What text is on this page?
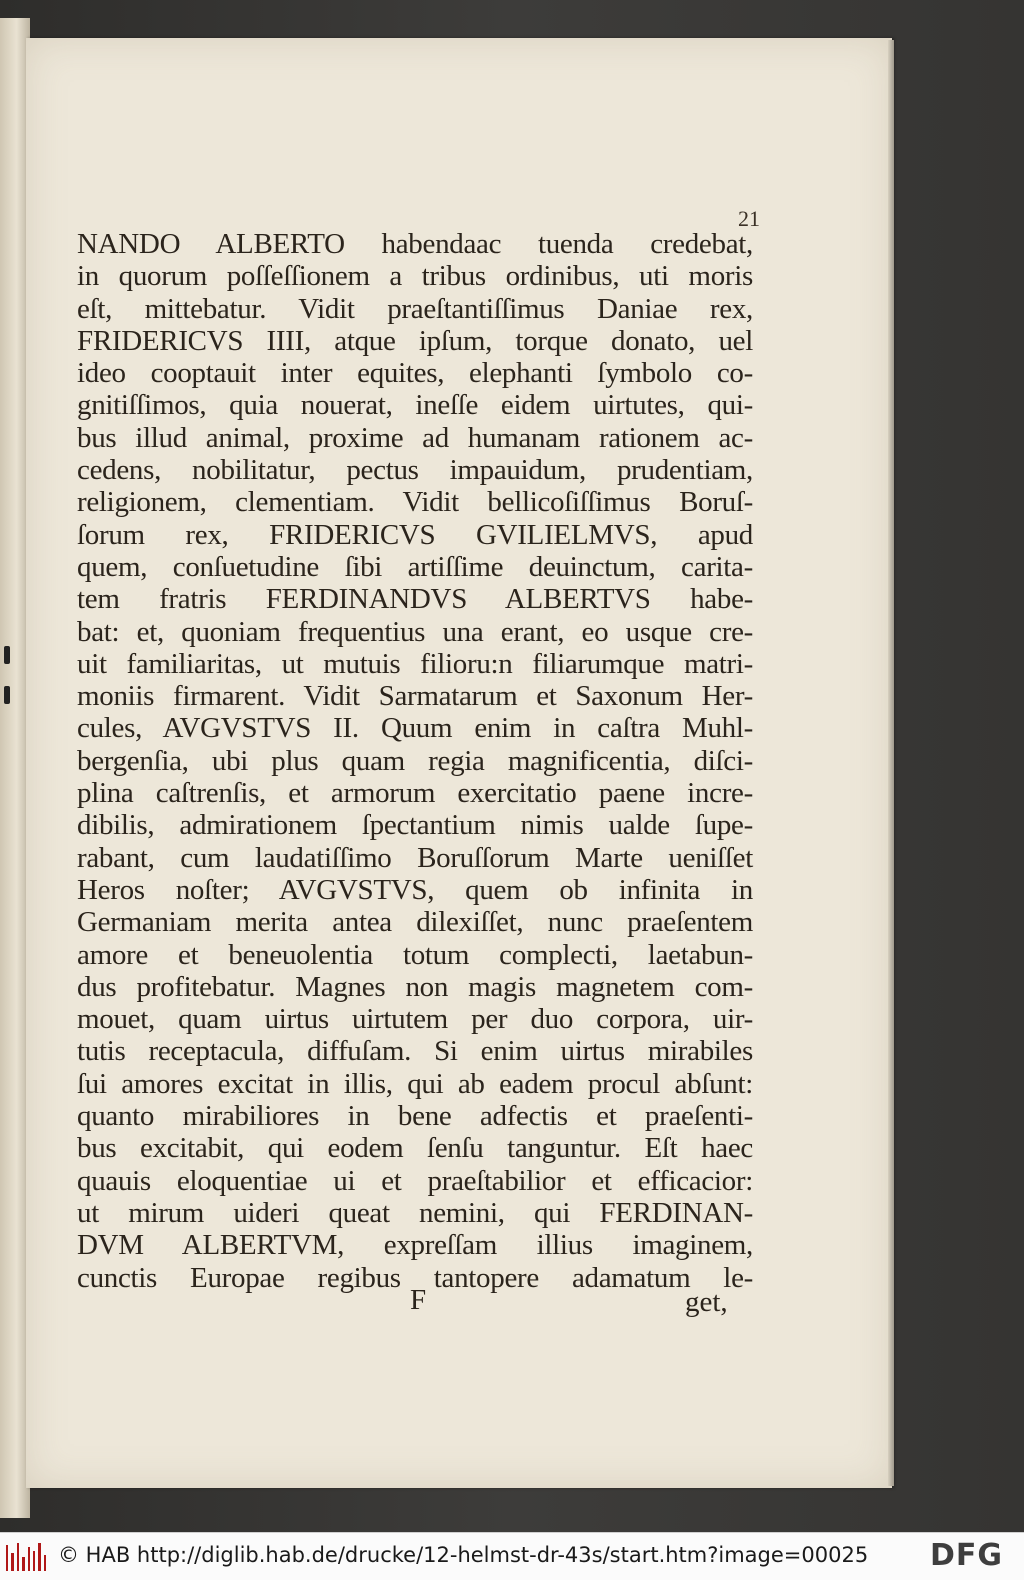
21
NANDO ALBERTO habendaac tuenda credebat,
in quorum poſſeſſionem a tribus ordinibus, uti moris
eſt, mittebatur. Vidit praeſtantiſſimus Daniae rex,
FRIDERICVS IIII, atque ipſum, torque donato, uel
ideo cooptauit inter equites, elephanti ſymbolo co-
gnitiſſimos, quia nouerat, ineſſe eidem uirtutes, qui-
bus illud animal, proxime ad humanam rationem ac-
cedens, nobilitatur, pectus impauidum, prudentiam,
religionem, clementiam. Vidit bellicoſiſſimus Boruſ-
ſorum rex, FRIDERICVS GVILIELMVS, apud
quem, conſuetudine ſibi artiſſime deuinctum, carita-
tem fratris FERDINANDVS ALBERTVS habe-
bat: et, quoniam frequentius una erant, eo usque cre-
uit familiaritas, ut mutuis filioru:n filiarumque matri-
moniis firmarent. Vidit Sarmatarum et Saxonum Her-
cules, AVGVSTVS II. Quum enim in caſtra Muhl-
bergenſia, ubi plus quam regia magnificentia, diſci-
plina caſtrenſis, et armorum exercitatio paene incre-
dibilis, admirationem ſpectantium nimis ualde ſupe-
rabant, cum laudatiſſimo Boruſſorum Marte ueniſſet
Heros noſter; AVGVSTVS, quem ob infinita in
Germaniam merita antea dilexiſſet, nunc praeſentem
amore et beneuolentia totum complecti, laetabun-
dus profitebatur. Magnes non magis magnetem com-
mouet, quam uirtus uirtutem per duo corpora, uir-
tutis receptacula, diffuſam. Si enim uirtus mirabiles
ſui amores excitat in illis, qui ab eadem procul abſunt:
quanto mirabiliores in bene adfectis et praeſenti-
bus excitabit, qui eodem ſenſu tanguntur. Eſt haec
quauis eloquentiae ui et praeſtabilior et efficacior:
ut mirum uideri queat nemini, qui FERDINAN-
DVM ALBERTVM, expreſſam illius imaginem,
cunctis Europae regibus tantopere adamatum le-
ﾠ
F	get,
© HAB http://diglib.hab.de/drucke/12-helmst-dr-43s/start.htm?image=00025 DFG
